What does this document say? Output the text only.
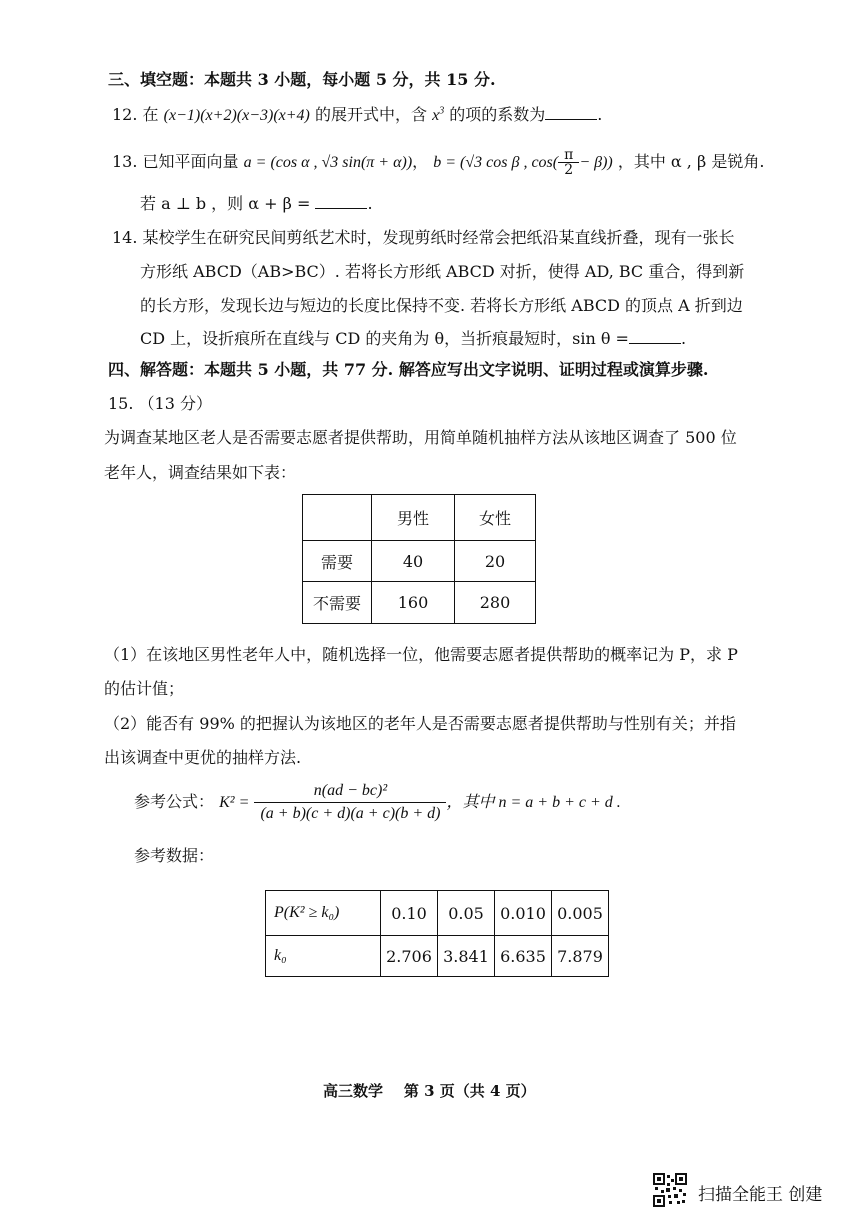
三、填空题：本题共 3 小题，每小题 5 分，共 15 分.
12. 在 (x−1)(x+2)(x−3)(x+4) 的展开式中，含 $x^3$ 的项的系数为	.
13. 已知平面向量 a = (cos α , √3 sin(π + α))， b = (√3 cos β , $\cos( \frac{\pi}{2} - \beta)$) ，其中 α , β 是锐角.
若 a ⊥ b ，则 α + β =	.
14. 某校学生在研究民间剪纸艺术时，发现剪纸时经常会把纸沿某直线折叠，现有一张长
方形纸 ABCD（AB>BC）. 若将长方形纸 ABCD 对折，使得 AD, BC 重合，得到新
的长方形，发现长边与短边的长度比保持不变. 若将长方形纸 ABCD 的顶点 A 折到边
CD 上，设折痕所在直线与 CD 的夹角为 θ，当折痕最短时，sin θ =	.
四、解答题：本题共 5 小题，共 77 分. 解答应写出文字说明、证明过程或演算步骤.
15. （13 分）
为调查某地区老人是否需要志愿者提供帮助，用简单随机抽样方法从该地区调查了 500 位
老年人，调查结果如下表：
	男性	女性
需要	40	20
不需要	160	280
（1）在该地区男性老年人中，随机选择一位，他需要志愿者提供帮助的概率记为 P，求 P
的估计值；
（2）能否有 99% 的把握认为该地区的老年人是否需要志愿者提供帮助与性别有关；并指
出该调查中更优的抽样方法.
参考公式： $K^2 = \frac{\text{n(ad − bc)²}}{(a + b)(c + d)(a + c)(b + d)}$ ，其中 n = a + b + c + d .
参考数据：
P(K² ≥ k₀)	0.10	0.05	0.010	0.005
k₀	2.706	3.841	6.635	7.879
高三数学    第 3 页（共 4 页）
扫描全能王 创建
